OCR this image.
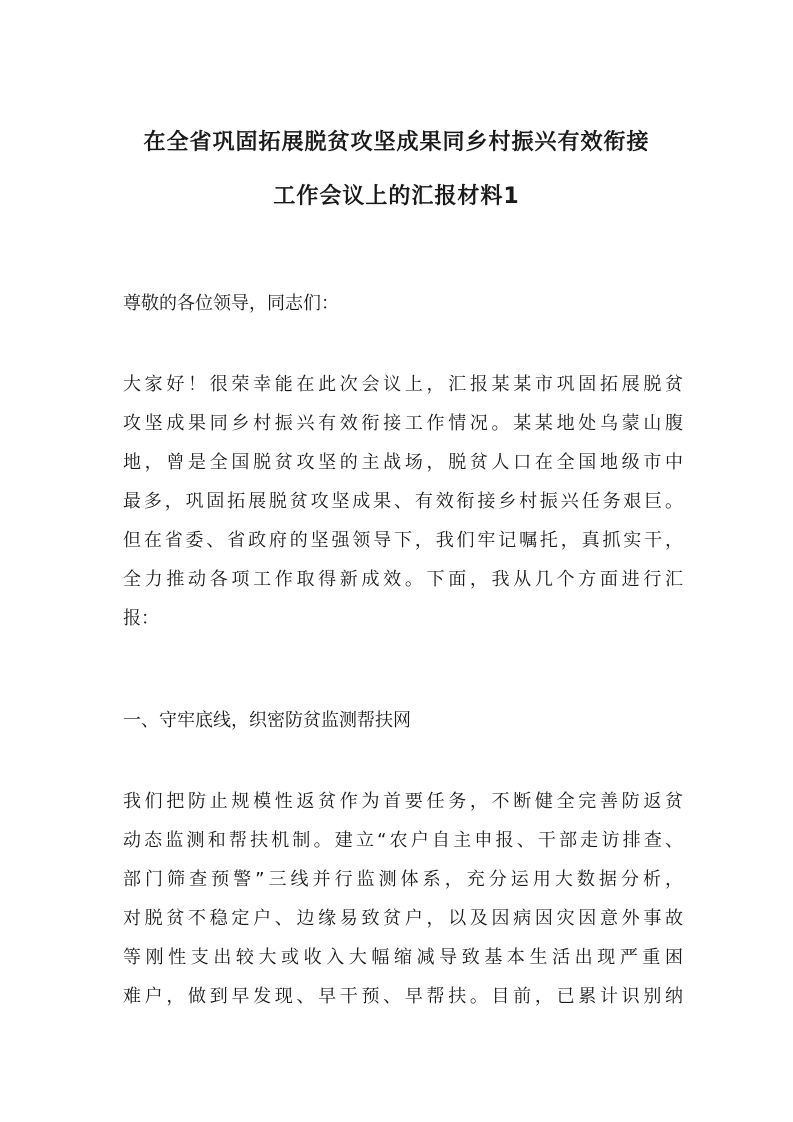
在全省巩固拓展脱贫攻坚成果同乡村振兴有效衔接
工作会议上的汇报材料1
尊敬的各位领导，同志们：
大家好！很荣幸能在此次会议上，汇报某某市巩固拓展脱贫
攻坚成果同乡村振兴有效衔接工作情况。某某地处乌蒙山腹
地，曾是全国脱贫攻坚的主战场，脱贫人口在全国地级市中
最多，巩固拓展脱贫攻坚成果、有效衔接乡村振兴任务艰巨。
但在省委、省政府的坚强领导下，我们牢记嘱托，真抓实干，
全力推动各项工作取得新成效。下面，我从几个方面进行汇
报：
一、守牢底线，织密防贫监测帮扶网
我们把防止规模性返贫作为首要任务，不断健全完善防返贫
动态监测和帮扶机制。建立“农户自主申报、干部走访排查、
部门筛查预警”三线并行监测体系，充分运用大数据分析，
对脱贫不稳定户、边缘易致贫户，以及因病因灾因意外事故
等刚性支出较大或收入大幅缩减导致基本生活出现严重困
难户，做到早发现、早干预、早帮扶。目前，已累计识别纳
